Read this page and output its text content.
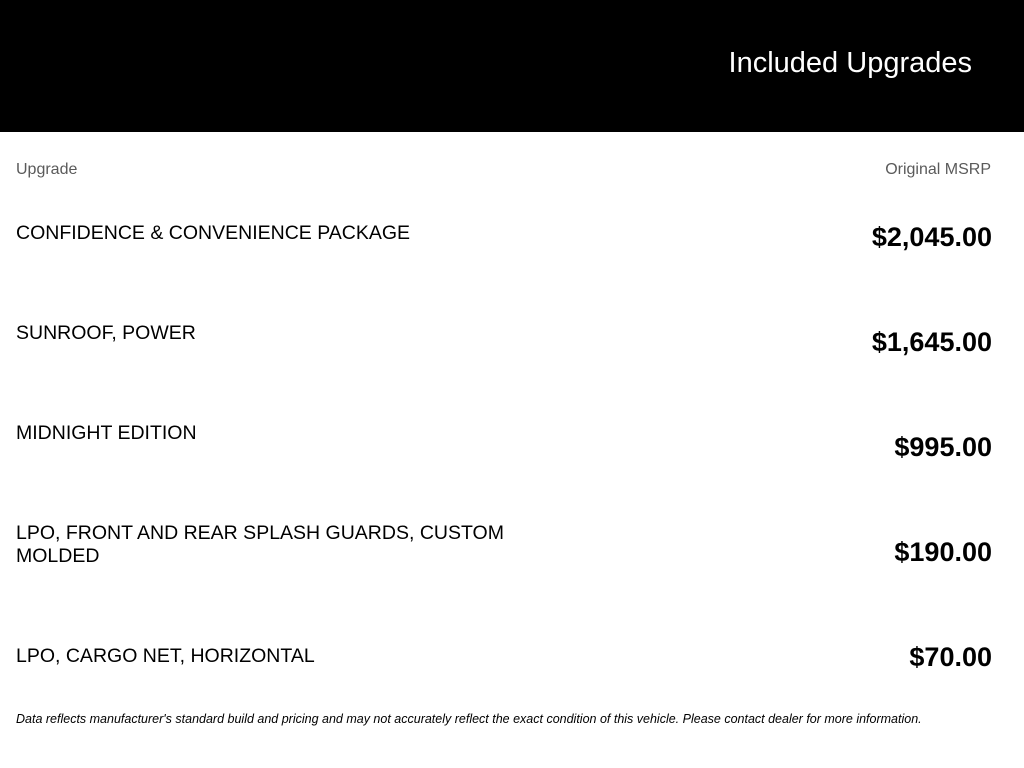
Included Upgrades
Upgrade	Original MSRP
CONFIDENCE & CONVENIENCE PACKAGE	$2,045.00
SUNROOF, POWER	$1,645.00
MIDNIGHT EDITION	$995.00
LPO, FRONT AND REAR SPLASH GUARDS, CUSTOM MOLDED	$190.00
LPO, CARGO NET, HORIZONTAL	$70.00
Data reflects manufacturer's standard build and pricing and may not accurately reflect the exact condition of this vehicle. Please contact dealer for more information.
